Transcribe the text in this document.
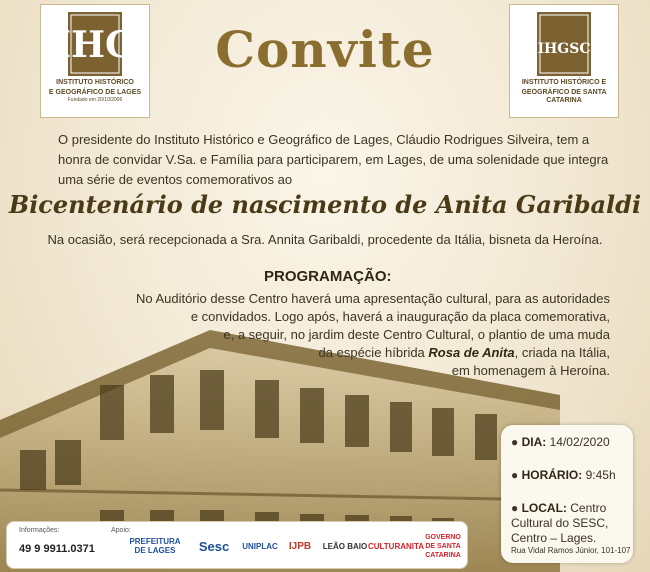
IHG
INSTITUTO HISTÓRICO
E GEOGRÁFICO DE LAGES
Fundado em 20/10/2006
IHGSC
INSTITUTO HISTÓRICO E
GEOGRÁFICO DE SANTA CATARINA
Convite
O presidente do Instituto Histórico e Geográfico de Lages, Cláudio Rodrigues Silveira, tem a honra de convidar V.Sa. e Família para participarem, em Lages, de uma solenidade que integra uma série de eventos comemorativos ao
Bicentenário de nascimento de Anita Garibaldi
Na ocasião, será recepcionada a Sra. Annita Garibaldi, procedente da Itália, bisneta da Heroína.
PROGRAMAÇÃO:
No Auditório desse Centro haverá uma apresentação cultural, para as autoridades
e convidados. Logo após, haverá a inauguração da placa comemorativa,
e, a seguir, no jardim deste Centro Cultural, o plantio de uma muda
da espécie híbrida Rosa de Anita, criada na Itália,
em homenagem à Heroína.
● DIA: 14/02/2020
● HORÁRIO: 9:45h
● LOCAL: Centro
Cultural do SESC,
Centro – Lages.
Rua Vidal Ramos Júnior, 101-107
Informações:
49 9 9911.0371
Apoio:
PREFEITURA DE LAGES	Sesc	UNIPLAC	IJPB	LEÃO BAIO CULTURANITA
GOVERNO DE SANTA CATARINA
